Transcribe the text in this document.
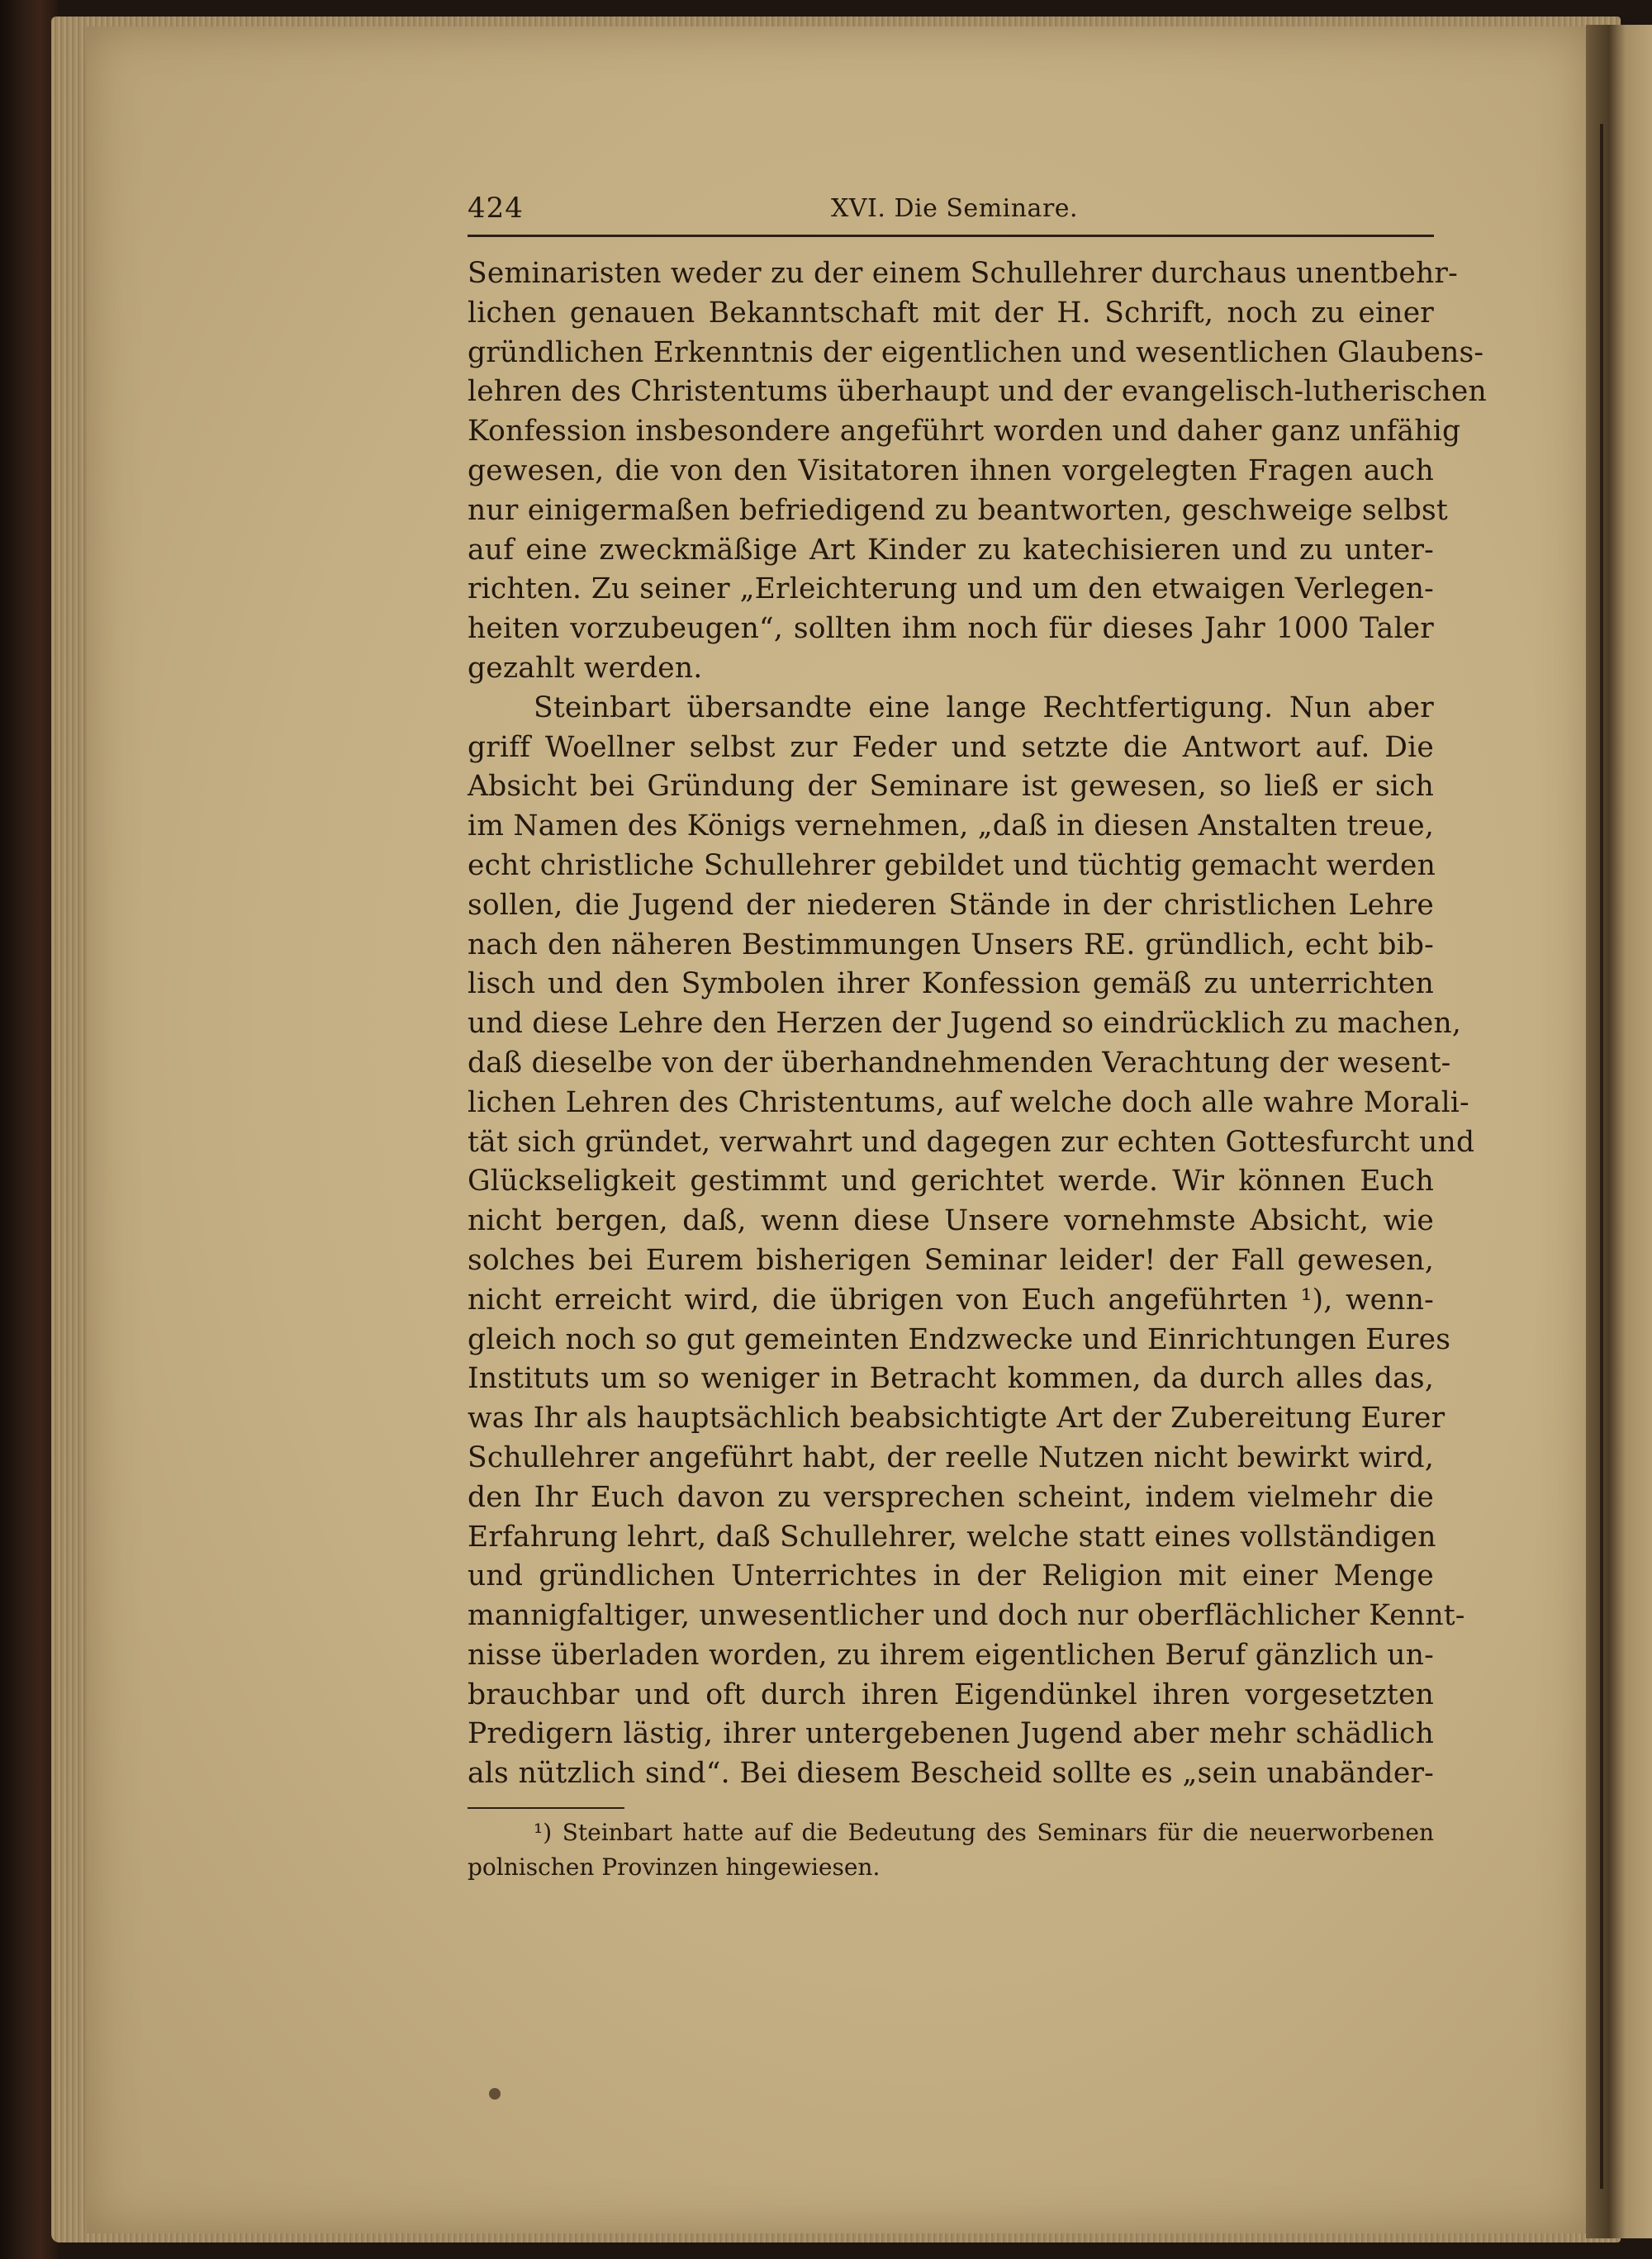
424	XVI. Die Seminare.
Seminaristen weder zu der einem Schullehrer durchaus unentbehr-
lichen genauen Bekanntschaft mit der H. Schrift, noch zu einer
gründlichen Erkenntnis der eigentlichen und wesentlichen Glaubens-
lehren des Christentums überhaupt und der evangelisch-lutherischen
Konfession insbesondere angeführt worden und daher ganz unfähig
gewesen, die von den Visitatoren ihnen vorgelegten Fragen auch
nur einigermaßen befriedigend zu beantworten, geschweige selbst
auf eine zweckmäßige Art Kinder zu katechisieren und zu unter-
richten. Zu seiner „Erleichterung und um den etwaigen Verlegen-
heiten vorzubeugen“, sollten ihm noch für dieses Jahr 1000 Taler
gezahlt werden.
Steinbart übersandte eine lange Rechtfertigung. Nun aber
griff Woellner selbst zur Feder und setzte die Antwort auf. Die
Absicht bei Gründung der Seminare ist gewesen, so ließ er sich
im Namen des Königs vernehmen, „daß in diesen Anstalten treue,
echt christliche Schullehrer gebildet und tüchtig gemacht werden
sollen, die Jugend der niederen Stände in der christlichen Lehre
nach den näheren Bestimmungen Unsers RE. gründlich, echt bib-
lisch und den Symbolen ihrer Konfession gemäß zu unterrichten
und diese Lehre den Herzen der Jugend so eindrücklich zu machen,
daß dieselbe von der überhandnehmenden Verachtung der wesent-
lichen Lehren des Christentums, auf welche doch alle wahre Morali-
tät sich gründet, verwahrt und dagegen zur echten Gottesfurcht und
Glückseligkeit gestimmt und gerichtet werde. Wir können Euch
nicht bergen, daß, wenn diese Unsere vornehmste Absicht, wie
solches bei Eurem bisherigen Seminar leider! der Fall gewesen,
nicht erreicht wird, die übrigen von Euch angeführten ¹), wenn-
gleich noch so gut gemeinten Endzwecke und Einrichtungen Eures
Instituts um so weniger in Betracht kommen, da durch alles das,
was Ihr als hauptsächlich beabsichtigte Art der Zubereitung Eurer
Schullehrer angeführt habt, der reelle Nutzen nicht bewirkt wird,
den Ihr Euch davon zu versprechen scheint, indem vielmehr die
Erfahrung lehrt, daß Schullehrer, welche statt eines vollständigen
und gründlichen Unterrichtes in der Religion mit einer Menge
mannigfaltiger, unwesentlicher und doch nur oberflächlicher Kennt-
nisse überladen worden, zu ihrem eigentlichen Beruf gänzlich un-
brauchbar und oft durch ihren Eigendünkel ihren vorgesetzten
Predigern lästig, ihrer untergebenen Jugend aber mehr schädlich
als nützlich sind“. Bei diesem Bescheid sollte es „sein unabänder-
¹) Steinbart hatte auf die Bedeutung des Seminars für die neuerworbenen
polnischen Provinzen hingewiesen.
